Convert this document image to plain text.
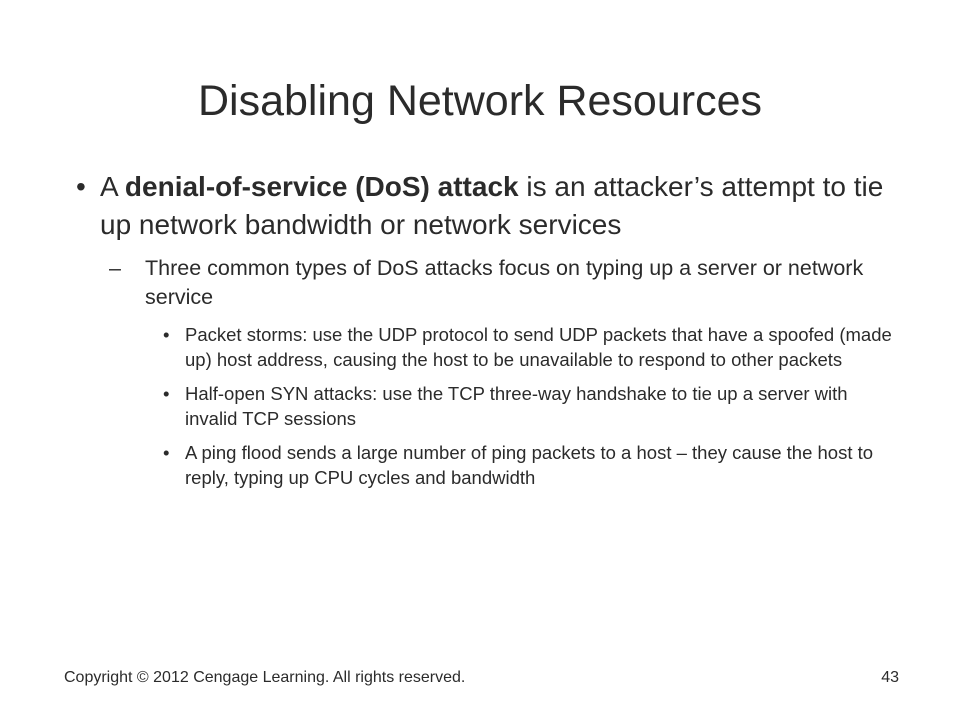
Disabling Network Resources
• A denial-of-service (DoS) attack is an attacker’s attempt to tie up network bandwidth or network services
– Three common types of DoS attacks focus on typing up a server or network service
• Packet storms: use the UDP protocol to send UDP packets that have a spoofed (made up) host address, causing the host to be unavailable to respond to other packets
• Half-open SYN attacks: use the TCP three-way handshake to tie up a server with invalid TCP sessions
• A ping flood sends a large number of ping packets to a host – they cause the host to reply, typing up CPU cycles and bandwidth
Copyright © 2012 Cengage Learning. All rights reserved.	43
